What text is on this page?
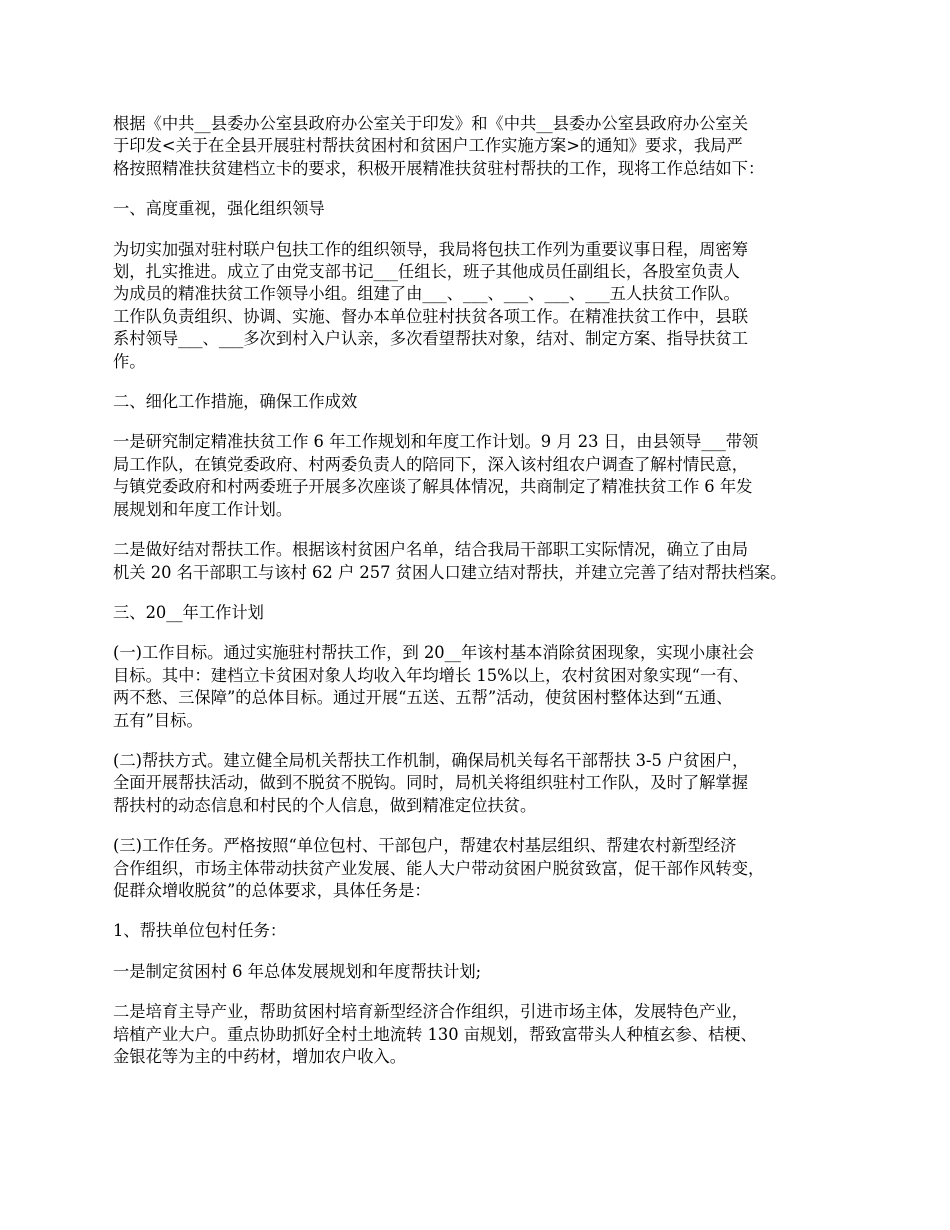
根据《中共__县委办公室县政府办公室关于印发》和《中共__县委办公室县政府办公室关
于印发<关于在全县开展驻村帮扶贫困村和贫困户工作实施方案>的通知》要求，我局严
格按照精准扶贫建档立卡的要求，积极开展精准扶贫驻村帮扶的工作，现将工作总结如下：
一、高度重视，强化组织领导
为切实加强对驻村联户包扶工作的组织领导，我局将包扶工作列为重要议事日程，周密筹
划，扎实推进。成立了由党支部书记___任组长，班子其他成员任副组长，各股室负责人
为成员的精准扶贫工作领导小组。组建了由___、___、___、___、___五人扶贫工作队。
工作队负责组织、协调、实施、督办本单位驻村扶贫各项工作。在精准扶贫工作中，县联
系村领导___、___多次到村入户认亲，多次看望帮扶对象，结对、制定方案、指导扶贫工
作。
二、细化工作措施，确保工作成效
一是研究制定精准扶贫工作 6 年工作规划和年度工作计划。9 月 23 日，由县领导___带领
局工作队，在镇党委政府、村两委负责人的陪同下，深入该村组农户调查了解村情民意，
与镇党委政府和村两委班子开展多次座谈了解具体情况，共商制定了精准扶贫工作 6 年发
展规划和年度工作计划。
二是做好结对帮扶工作。根据该村贫困户名单，结合我局干部职工实际情况，确立了由局
机关 20 名干部职工与该村 62 户 257 贫困人口建立结对帮扶，并建立完善了结对帮扶档案。
三、20__年工作计划
(一)工作目标。通过实施驻村帮扶工作，到 20__年该村基本消除贫困现象，实现小康社会
目标。其中：建档立卡贫困对象人均收入年均增长 15%以上，农村贫困对象实现“一有、
两不愁、三保障”的总体目标。通过开展“五送、五帮”活动，使贫困村整体达到“五通、
五有”目标。
(二)帮扶方式。建立健全局机关帮扶工作机制，确保局机关每名干部帮扶 3-5 户贫困户，
全面开展帮扶活动，做到不脱贫不脱钩。同时，局机关将组织驻村工作队，及时了解掌握
帮扶村的动态信息和村民的个人信息，做到精准定位扶贫。
(三)工作任务。严格按照“单位包村、干部包户，帮建农村基层组织、帮建农村新型经济
合作组织，市场主体带动扶贫产业发展、能人大户带动贫困户脱贫致富，促干部作风转变，
促群众增收脱贫”的总体要求，具体任务是：
1、帮扶单位包村任务：
一是制定贫困村 6 年总体发展规划和年度帮扶计划;
二是培育主导产业，帮助贫困村培育新型经济合作组织，引进市场主体，发展特色产业，
培植产业大户。重点协助抓好全村土地流转 130 亩规划，帮致富带头人种植玄参、桔梗、
金银花等为主的中药材，增加农户收入。
